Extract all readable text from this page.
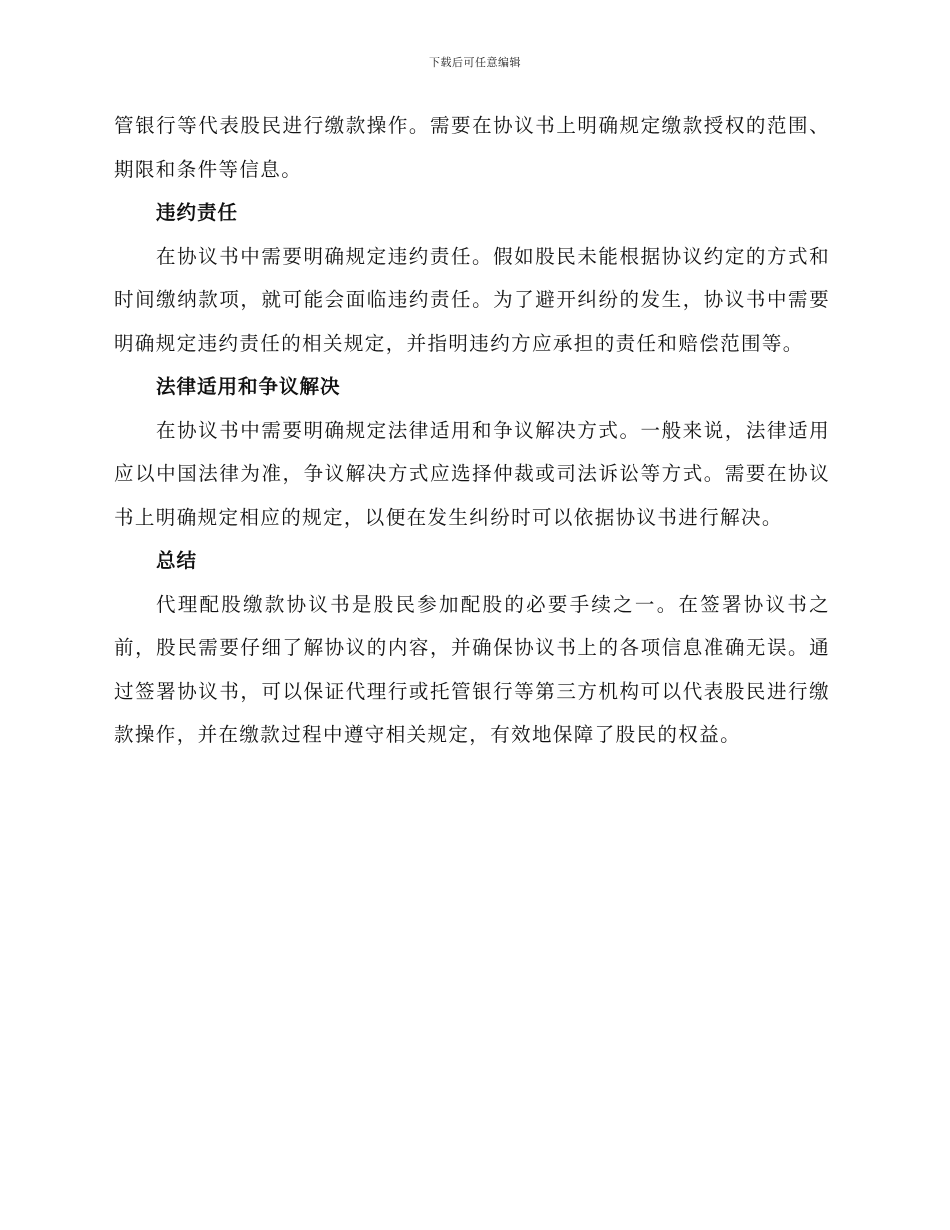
下载后可任意编辑

管银行等代表股民进行缴款操作。需要在协议书上明确规定缴款授权的范围、期限和条件等信息。

违约责任

在协议书中需要明确规定违约责任。假如股民未能根据协议约定的方式和时间缴纳款项，就可能会面临违约责任。为了避开纠纷的发生，协议书中需要明确规定违约责任的相关规定，并指明违约方应承担的责任和赔偿范围等。

法律适用和争议解决

在协议书中需要明确规定法律适用和争议解决方式。一般来说，法律适用应以中国法律为准，争议解决方式应选择仲裁或司法诉讼等方式。需要在协议书上明确规定相应的规定，以便在发生纠纷时可以依据协议书进行解决。

总结

代理配股缴款协议书是股民参加配股的必要手续之一。在签署协议书之前，股民需要仔细了解协议的内容，并确保协议书上的各项信息准确无误。通过签署协议书，可以保证代理行或托管银行等第三方机构可以代表股民进行缴款操作，并在缴款过程中遵守相关规定，有效地保障了股民的权益。
